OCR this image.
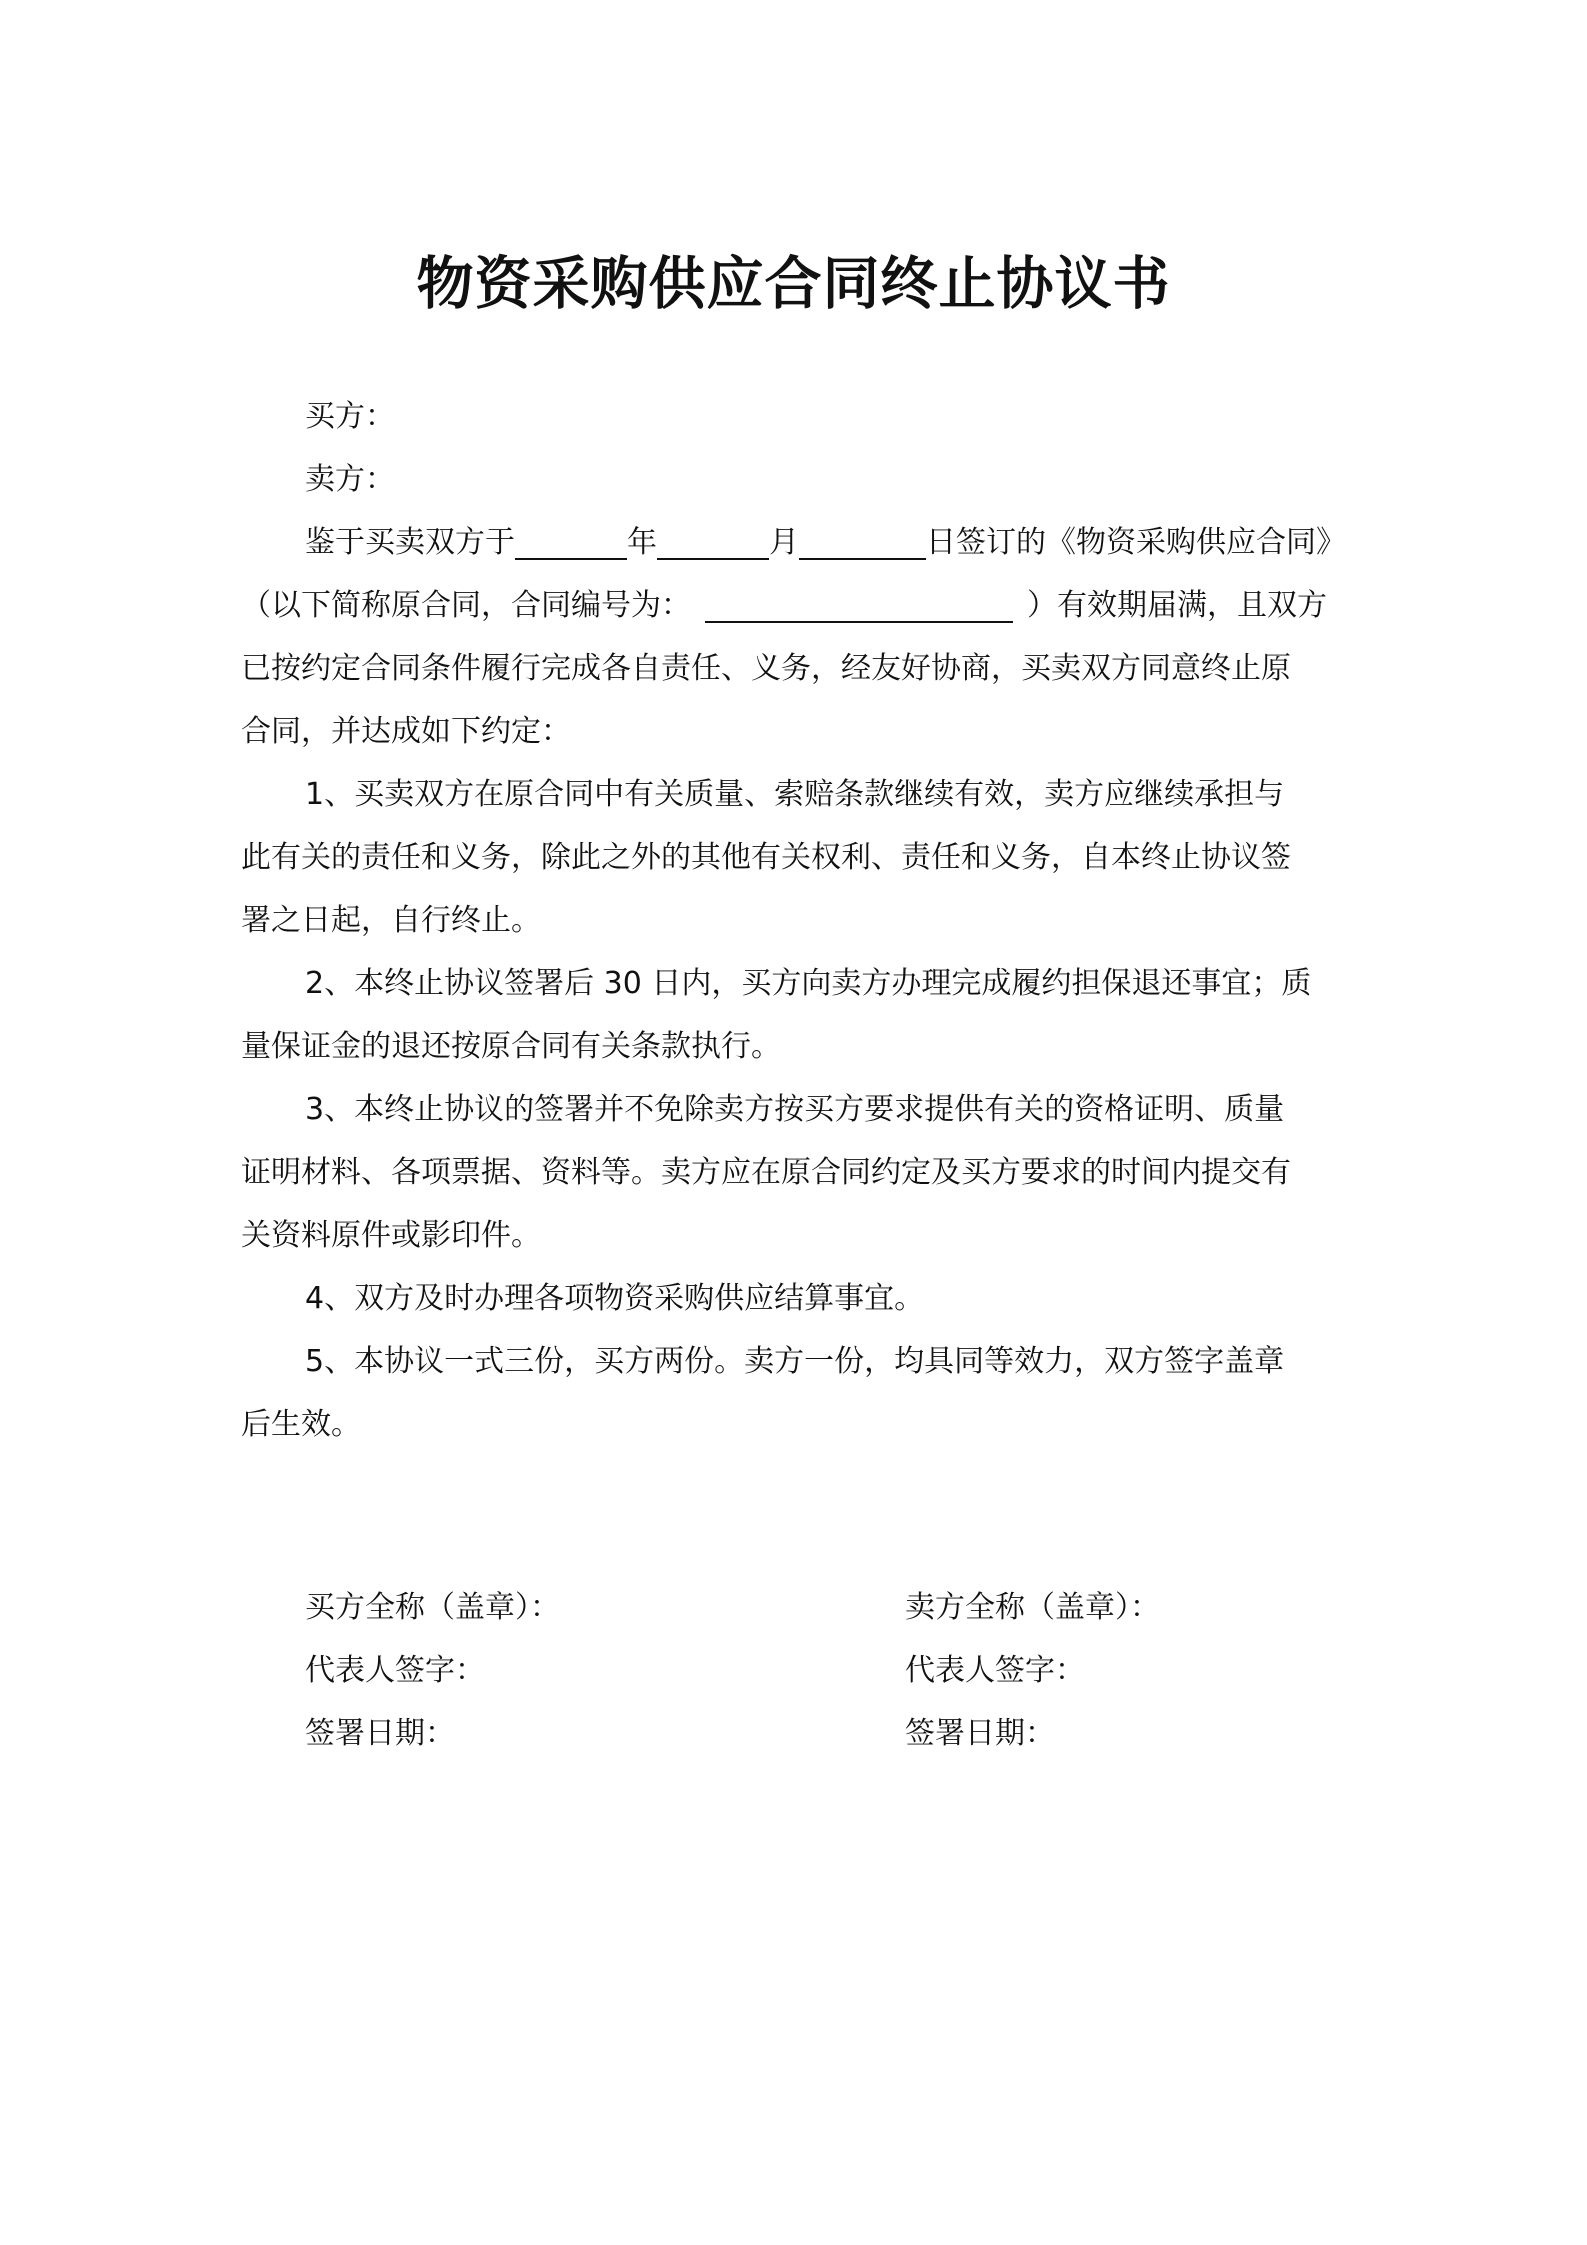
物资采购供应合同终止协议书
买方：
卖方：
鉴于买卖双方于	年	月	日签订的《物资采购供应合同》
（以下简称原合同，合同编号为：	）有效期届满，且双方
已按约定合同条件履行完成各自责任、义务，经友好协商，买卖双方同意终止原
合同，并达成如下约定：
1、买卖双方在原合同中有关质量、索赔条款继续有效，卖方应继续承担与
此有关的责任和义务，除此之外的其他有关权利、责任和义务，自本终止协议签
署之日起，自行终止。
2、本终止协议签署后 30 日内，买方向卖方办理完成履约担保退还事宜；质
量保证金的退还按原合同有关条款执行。
3、本终止协议的签署并不免除卖方按买方要求提供有关的资格证明、质量
证明材料、各项票据、资料等。卖方应在原合同约定及买方要求的时间内提交有
关资料原件或影印件。
4、双方及时办理各项物资采购供应结算事宜。
5、本协议一式三份，买方两份。卖方一份，均具同等效力，双方签字盖章
后生效。
买方全称（盖章）：
代表人签字：
签署日期：
卖方全称（盖章）：
代表人签字：
签署日期：
